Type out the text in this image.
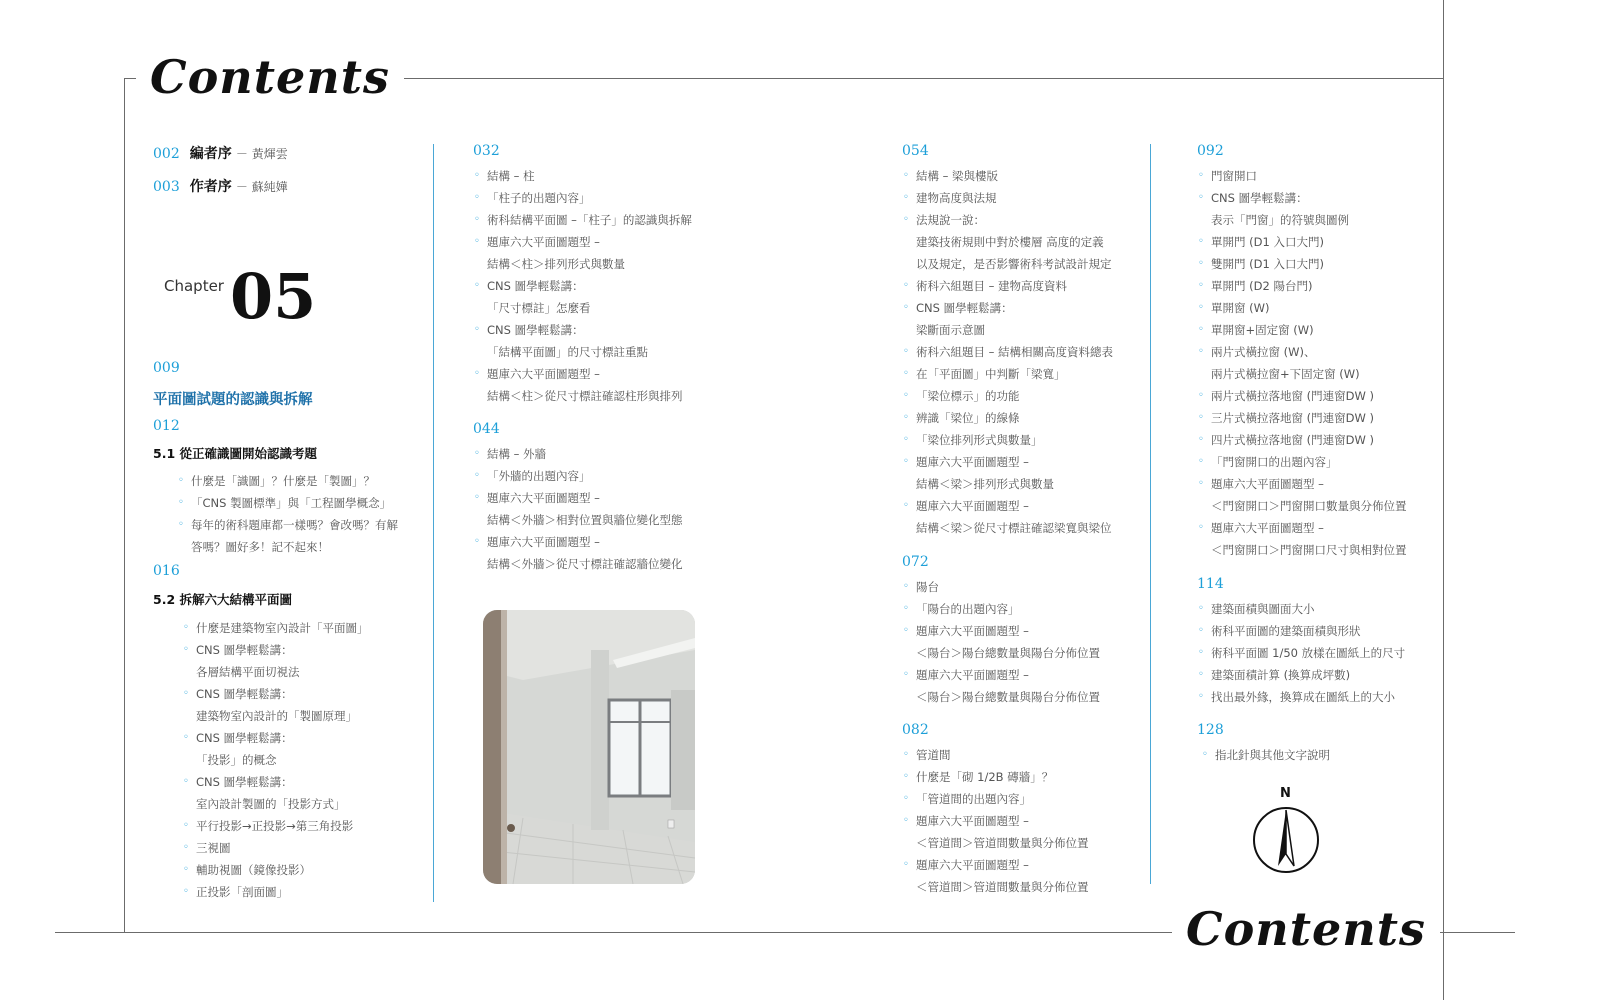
Contents
Contents
002 編者序 － 黃煇雲
003 作者序 － 蘇純嬅
Chapter 05
009
平面圖試題的認識與拆解
012
5.1 從正確識圖開始認識考題
◦ 什麼是「識圖」？什麼是「製圖」？
◦ 「CNS 製圖標準」與「工程圖學概念」
◦ 每年的術科題庫都一樣嗎？會改嗎？有解
答嗎？圖好多！記不起來！
016
5.2 拆解六大結構平面圖
◦ 什麼是建築物室內設計「平面圖」
◦ CNS 圖學輕鬆講：
各層結構平面切視法
◦ CNS 圖學輕鬆講：
建築物室內設計的「製圖原理」
◦ CNS 圖學輕鬆講：
「投影」的概念
◦ CNS 圖學輕鬆講：
室內設計製圖的「投影方式」
◦ 平行投影→正投影→第三角投影
◦ 三視圖
◦ 輔助視圖（鏡像投影）
◦ 正投影「剖面圖」
032
◦ 結構 – 柱
◦ 「柱子的出題內容」
◦ 術科結構平面圖 –「柱子」的認識與拆解
◦ 題庫六大平面圖題型 –
結構＜柱＞排列形式與數量
◦ CNS 圖學輕鬆講：
「尺寸標註」怎麼看
◦ CNS 圖學輕鬆講：
「結構平面圖」的尺寸標註重點
◦ 題庫六大平面圖題型 –
結構＜柱＞從尺寸標註確認柱形與排列
044
◦ 結構 – 外牆
◦ 「外牆的出題內容」
◦ 題庫六大平面圖題型 –
結構＜外牆＞相對位置與牆位變化型態
◦ 題庫六大平面圖題型 –
結構＜外牆＞從尺寸標註確認牆位變化
054
◦ 結構 – 梁與樓版
◦ 建物高度與法規
◦ 法規說一說：
建築技術規則中對於樓層 高度的定義
以及規定，是否影響術科考試設計規定
◦ 術科六組題目 – 建物高度資料
◦ CNS 圖學輕鬆講：
梁斷面示意圖
◦ 術科六組題目 – 結構相關高度資料總表
◦ 在「平面圖」中判斷「梁寬」
◦ 「梁位標示」的功能
◦ 辨識「梁位」的線條
◦ 「梁位排列形式與數量」
◦ 題庫六大平面圖題型 –
結構＜梁＞排列形式與數量
◦ 題庫六大平面圖題型 –
結構＜梁＞從尺寸標註確認梁寬與梁位
072
◦ 陽台
◦ 「陽台的出題內容」
◦ 題庫六大平面圖題型 –
＜陽台＞陽台總數量與陽台分佈位置
◦ 題庫六大平面圖題型 –
＜陽台＞陽台總數量與陽台分佈位置
082
◦ 管道間
◦ 什麼是「砌 1/2B 磚牆」？
◦ 「管道間的出題內容」
◦ 題庫六大平面圖題型 –
＜管道間＞管道間數量與分佈位置
◦ 題庫六大平面圖題型 –
＜管道間＞管道間數量與分佈位置
092
◦ 門窗開口
◦ CNS 圖學輕鬆講：
表示「門窗」的符號與圖例
◦ 單開門 (D1 入口大門)
◦ 雙開門 (D1 入口大門)
◦ 單開門 (D2 陽台門)
◦ 單開窗 (W)
◦ 單開窗+固定窗 (W)
◦ 兩片式橫拉窗 (W)、
兩片式橫拉窗+下固定窗 (W)
◦ 兩片式橫拉落地窗 (門連窗DW )
◦ 三片式橫拉落地窗 (門連窗DW )
◦ 四片式橫拉落地窗 (門連窗DW )
◦ 「門窗開口的出題內容」
◦ 題庫六大平面圖題型 –
＜門窗開口＞門窗開口數量與分佈位置
◦ 題庫六大平面圖題型 –
＜門窗開口＞門窗開口尺寸與相對位置
114
◦ 建築面積與圖面大小
◦ 術科平面圖的建築面積與形狀
◦ 術科平面圖 1/50 放樣在圖紙上的尺寸
◦ 建築面積計算 (換算成坪數)
◦ 找出最外緣，換算成在圖紙上的大小
128
◦ 指北針與其他文字說明
N
